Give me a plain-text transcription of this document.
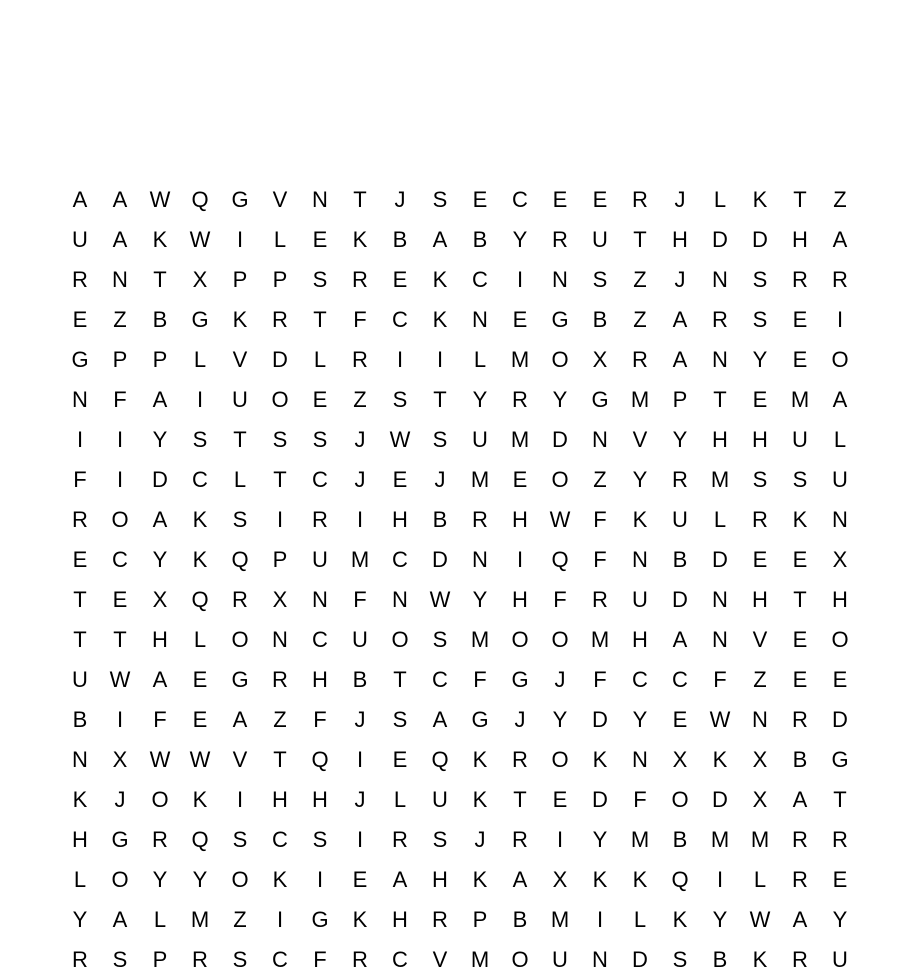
A	A	W Q	G	V	N	T	J	S	E	C	E	E	R	J	L	K	T	Z
U	A	K	W	I	L	E	K	B	A	B	Y	R	U	T	H	D	D	H	A
R	N	T	X	P	P	S	R	E	K	C	I	N	S	Z	J	N	S	R	R
E	Z	B	G	K	R	T	F	C	K	N	E	G	B	Z	A	R	S	E	I
G	P	P	L	V	D	L	R	I	I	L	M	O	X	R	A	N	Y	E	O
N	F	A	I	U	O	E	Z	S	T	Y	R	Y	G	M	P	T	E	M	A
I	I	Y	S	T	S	S	J	W	S	U	M	D	N	V	Y	H	H	U	L
F	I	D	C	L	T	C	J	E	J	M	E	O	Z	Y	R	M	S	S	U
R	O	A	K	S	I	R	I	H	B	R	H W	F	K	U	L	R	K	N
E	C	Y	K	Q	P	U	M	C	D	N	I	Q	F	N	B	D	E	E	X
T	E	X	Q	R	X	N	F	N W	Y	H	F	R	U	D	N	H	T	H
T	T	H	L	O	N	C	U	O	S	M	O	O	M	H	A	N	V	E	O
U W	A	E	G	R	H	B	T	C	F	G	J	F	C	C	F	Z	E	E
B	I	F	E	A	Z	F	J	S	A	G	J	Y	D	Y	E	W N	R	D
N	X	W W	V	T	Q	I	E	Q	K	R	O	K	N	X	K	X	B	G
K	J	O	K	I	H	H	J	L	U	K	T	E	D	F	O	D	X	A	T
H	G	R	Q	S	C	S	I	R	S	J	R	I	Y	M	B	M M	R	R
L	O	Y	Y	O	K	I	E	A	H	K	A	X	K	K	Q	I	L	R	E
Y	A	L	M	Z	I	G	K	H	R	P	B	M	I	L	K	Y	W	A	Y
R	S	P	R	S	C	F	R	C	V	M	O	U	N	D	S	B	K	R	U
